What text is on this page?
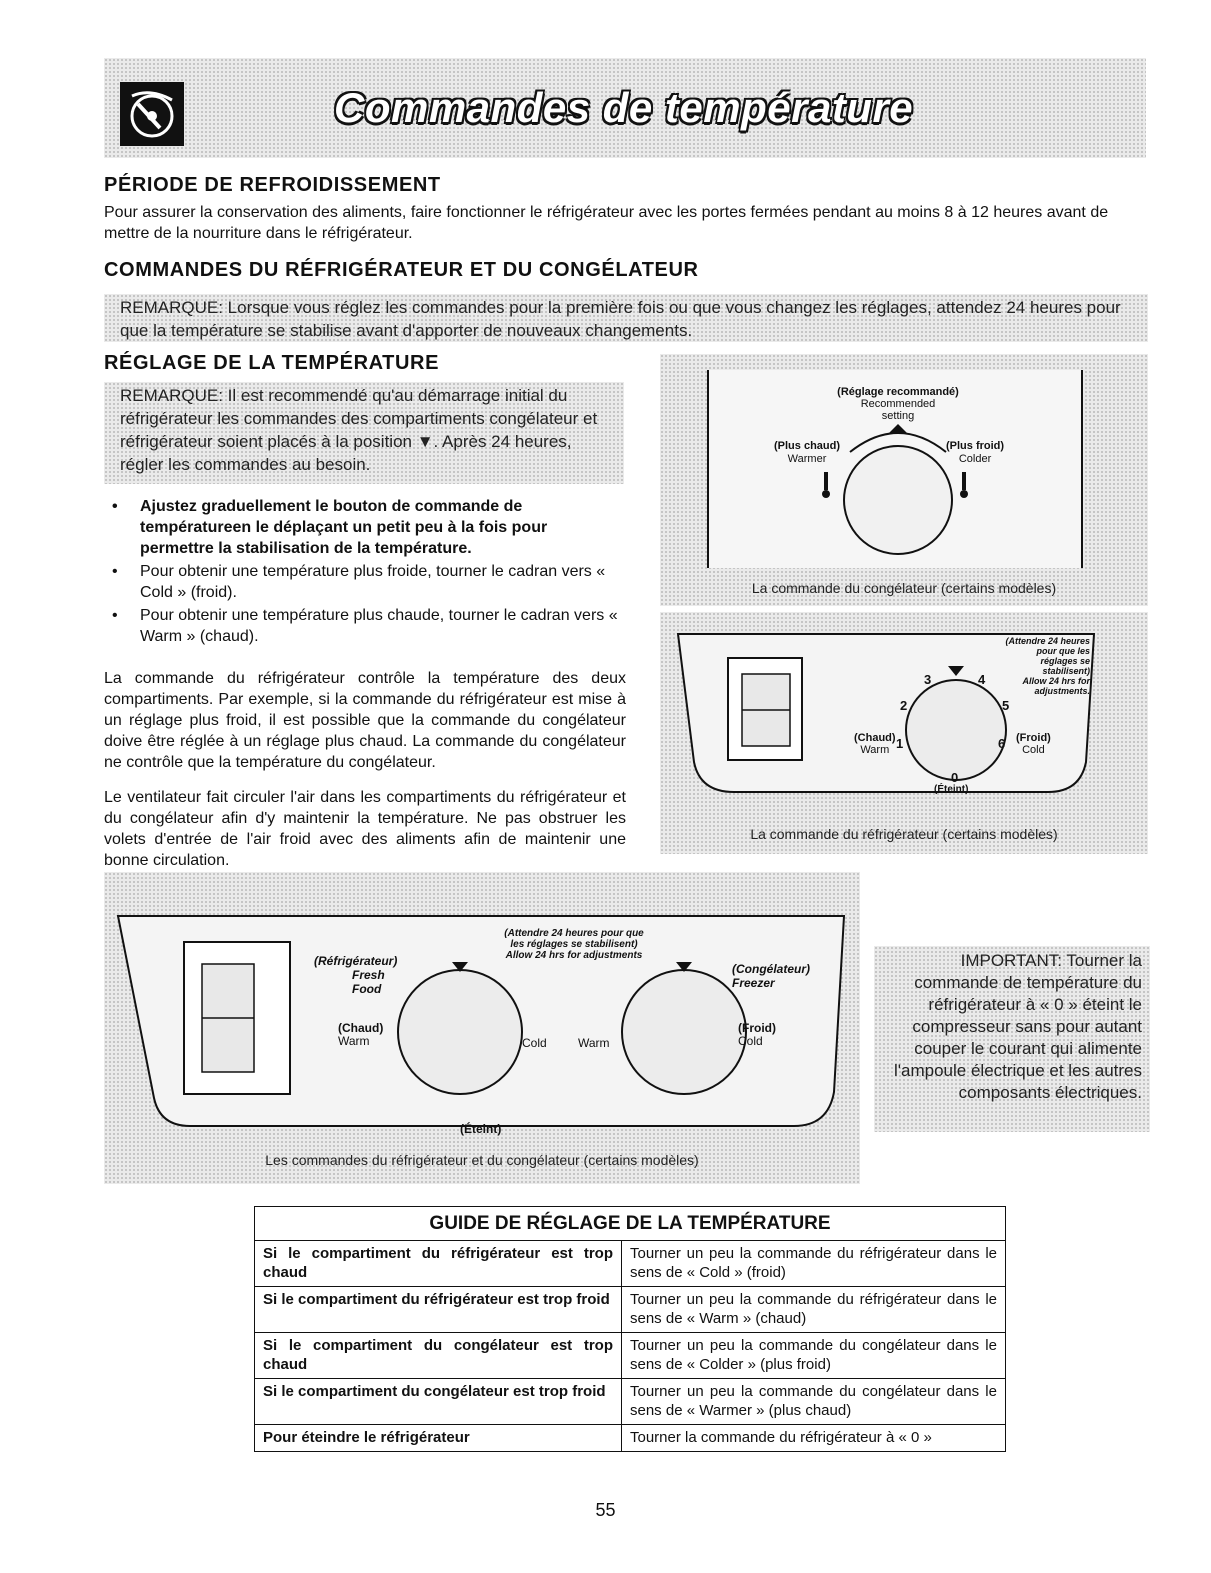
Commandes de température
PÉRIODE DE REFROIDISSEMENT

Pour assurer la conservation des aliments, faire fonctionner le réfrigérateur avec les portes fermées pendant au moins 8 à 12 heures avant de mettre de la nourriture dans le réfrigérateur.

COMMANDES DU RÉFRIGÉRATEUR ET DU CONGÉLATEUR
REMARQUE: Lorsque vous réglez les commandes pour la première fois ou que vous changez les réglages, attendez 24 heures pour que la température se stabilise avant d'apporter de nouveaux changements.
RÉGLAGE DE LA TEMPÉRATURE
REMARQUE: Il est recommendé qu'au démarrage initial du réfrigérateur les commandes des compartiments congélateur et réfrigérateur soient placés à la position ▼. Après 24 heures, régler les commandes au besoin.
• Ajustez graduellement le bouton de commande de températureen le déplaçant un petit peu à la fois pour permettre la stabilisation de la température.
• Pour obtenir une température plus froide, tourner le cadran vers « Cold » (froid).
• Pour obtenir une température plus chaude, tourner le cadran vers « Warm » (chaud).

La commande du réfrigérateur contrôle la température des deux compartiments. Par exemple, si la commande du réfrigérateur est mise à un réglage plus froid, il est possible que la commande du congélateur doive être réglée à un réglage plus chaud. La commande du congélateur ne contrôle que la température du congélateur.

Le ventilateur fait circuler l'air dans les compartiments du réfrigérateur et du congélateur afin d'y maintenir la température. Ne pas obstruer les volets d'entrée de l'air froid avec des aliments afin de maintenir une bonne circulation.

(Réglage recommandé)
Recommended
setting
(Plus chaud)
Warmer
(Plus froid)
Colder
La commande du congélateur (certains modèles)
3	4
2	5
1	6
0
(Chaud)
Warm
(Froid)
Cold
(Éteint)
(Attendre 24 heures pour que les réglages se stabilisent)
Allow 24 hrs for adjustments.
La commande du réfrigérateur (certains modèles)
(Réfrigérateur)
Fresh
Food
(Congélateur)
Freezer
(Attendre 24 heures pour que les réglages se stabilisent)
Allow 24 hrs for adjustments
(Chaud)
Warm
(Froid)
Cold
Cold	Warm
(Éteint)
Les commandes du réfrigérateur et du congélateur (certains modèles)
IMPORTANT: Tourner la commande de température du réfrigérateur à « 0 » éteint le compresseur sans pour autant couper le courant qui alimente l'ampoule électrique et les autres composants électriques.
GUIDE DE RÉGLAGE DE LA TEMPÉRATURE	
Si le compartiment du réfrigérateur est trop chaud	Tourner un peu la commande du réfrigérateur dans le sens de « Cold » (froid)
Si le compartiment du réfrigérateur est trop froid	Tourner un peu la commande du réfrigérateur dans le sens de « Warm » (chaud)
Si le compartiment du congélateur est trop chaud	Tourner un peu la commande du congélateur dans le sens de « Colder » (plus froid)
Si le compartiment du congélateur est trop froid	Tourner un peu la commande du congélateur dans le sens de « Warmer » (plus chaud)
Pour éteindre le réfrigérateur	Tourner la commande du réfrigérateur à « 0 »
55
